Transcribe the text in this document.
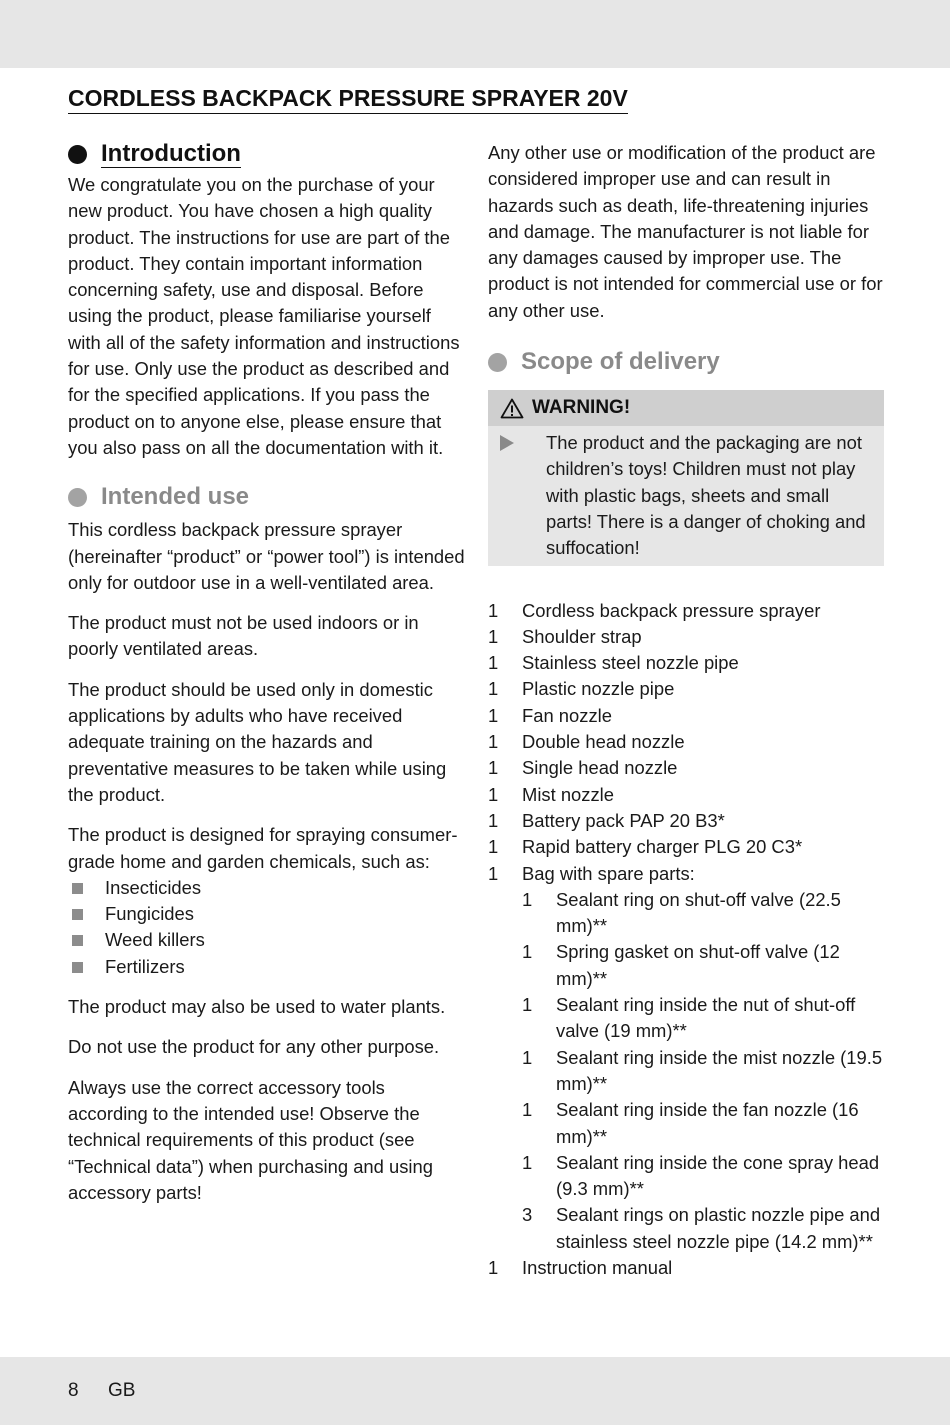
CORDLESS BACKPACK PRESSURE SPRAYER 20V
Introduction

We congratulate you on the purchase of your new product. You have chosen a high quality product. The instructions for use are part of the product. They contain important information concerning safety, use and disposal. Before using the product, please familiarise yourself with all of the safety information and instructions for use. Only use the product as described and for the specified applications. If you pass the product on to anyone else, please ensure that you also pass on all the documentation with it.

Intended use

This cordless backpack pressure sprayer (hereinafter “product” or “power tool”) is intended only for outdoor use in a well-ventilated area.

The product must not be used indoors or in poorly ventilated areas.

The product should be used only in domestic applications by adults who have received adequate training on the hazards and preventative measures to be taken while using the product.

The product is designed for spraying consumer-grade home and garden chemicals, such as:

Insecticides
Fungicides
Weed killers
Fertilizers

The product may also be used to water plants.

Do not use the product for any other purpose.

Always use the correct accessory tools according to the intended use! Observe the technical requirements of this product (see “Technical data”) when purchasing and using accessory parts!

Any other use or modification of the product are considered improper use and can result in hazards such as death, life-threatening injuries and damage. The manufacturer is not liable for any damages caused by improper use. The product is not intended for commercial use or for any other use.

Scope of delivery
WARNING!
The product and the packaging are not children’s toys! Children must not play with plastic bags, sheets and small parts! There is a danger of choking and suffocation!
1	Cordless backpack pressure sprayer
1	Shoulder strap
1	Stainless steel nozzle pipe
1	Plastic nozzle pipe
1	Fan nozzle
1	Double head nozzle
1	Single head nozzle
1	Mist nozzle
1	Battery pack PAP 20 B3*
1	Rapid battery charger PLG 20 C3*
1	Bag with spare parts:
1	Sealant ring on shut-off valve (22.5 mm)**
1	Spring gasket on shut-off valve (12 mm)**
1	Sealant ring inside the nut of shut-off valve (19 mm)**
1	Sealant ring inside the mist nozzle (19.5 mm)**
1	Sealant ring inside the fan nozzle (16 mm)**
1	Sealant ring inside the cone spray head (9.3 mm)**
3	Sealant rings on plastic nozzle pipe and stainless steel nozzle pipe (14.2 mm)**
1	Instruction manual
8 GB
